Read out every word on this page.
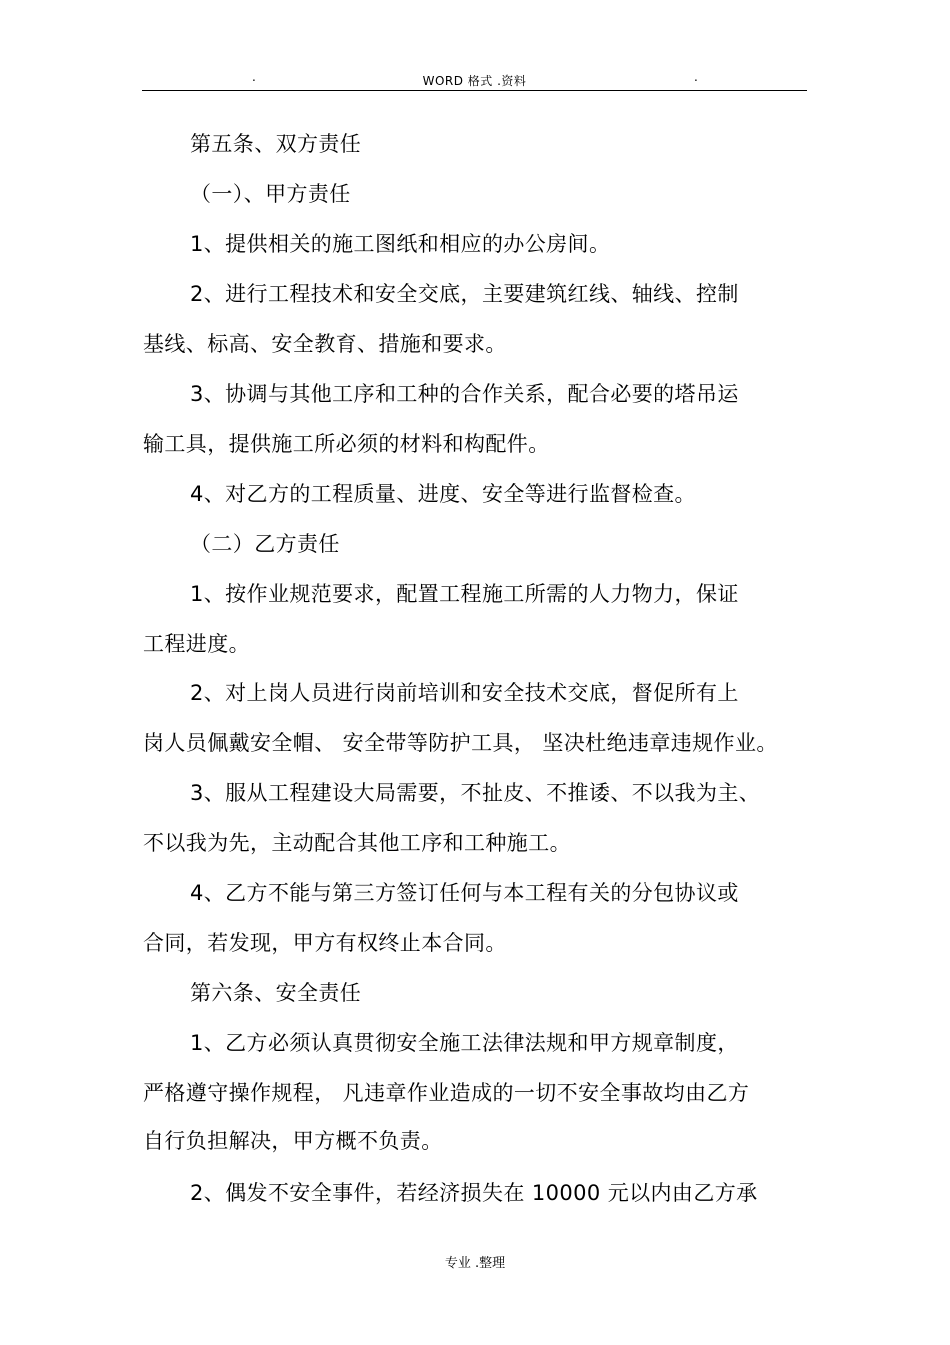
.	WORD 格式 .资料	.
第五条、双方责任
（一）、甲方责任
1、提供相关的施工图纸和相应的办公房间。
2、进行工程技术和安全交底，主要建筑红线、轴线、控制
基线、标高、安全教育、措施和要求。
3、协调与其他工序和工种的合作关系，配合必要的塔吊运
输工具，提供施工所必须的材料和构配件。
4、对乙方的工程质量、进度、安全等进行监督检查。
（二）乙方责任
1、按作业规范要求，配置工程施工所需的人力物力，保证
工程进度。
2、对上岗人员进行岗前培训和安全技术交底，督促所有上
岗人员佩戴安全帽、 安全带等防护工具， 坚决杜绝违章违规作业。
3、服从工程建设大局需要，不扯皮、不推诿、不以我为主、
不以我为先，主动配合其他工序和工种施工。
4、乙方不能与第三方签订任何与本工程有关的分包协议或
合同，若发现，甲方有权终止本合同。
第六条、安全责任
1、乙方必须认真贯彻安全施工法律法规和甲方规章制度，
严格遵守操作规程， 凡违章作业造成的一切不安全事故均由乙方
自行负担解决，甲方概不负责。
2、偶发不安全事件，若经济损失在 10000 元以内由乙方承
专业 .整理
